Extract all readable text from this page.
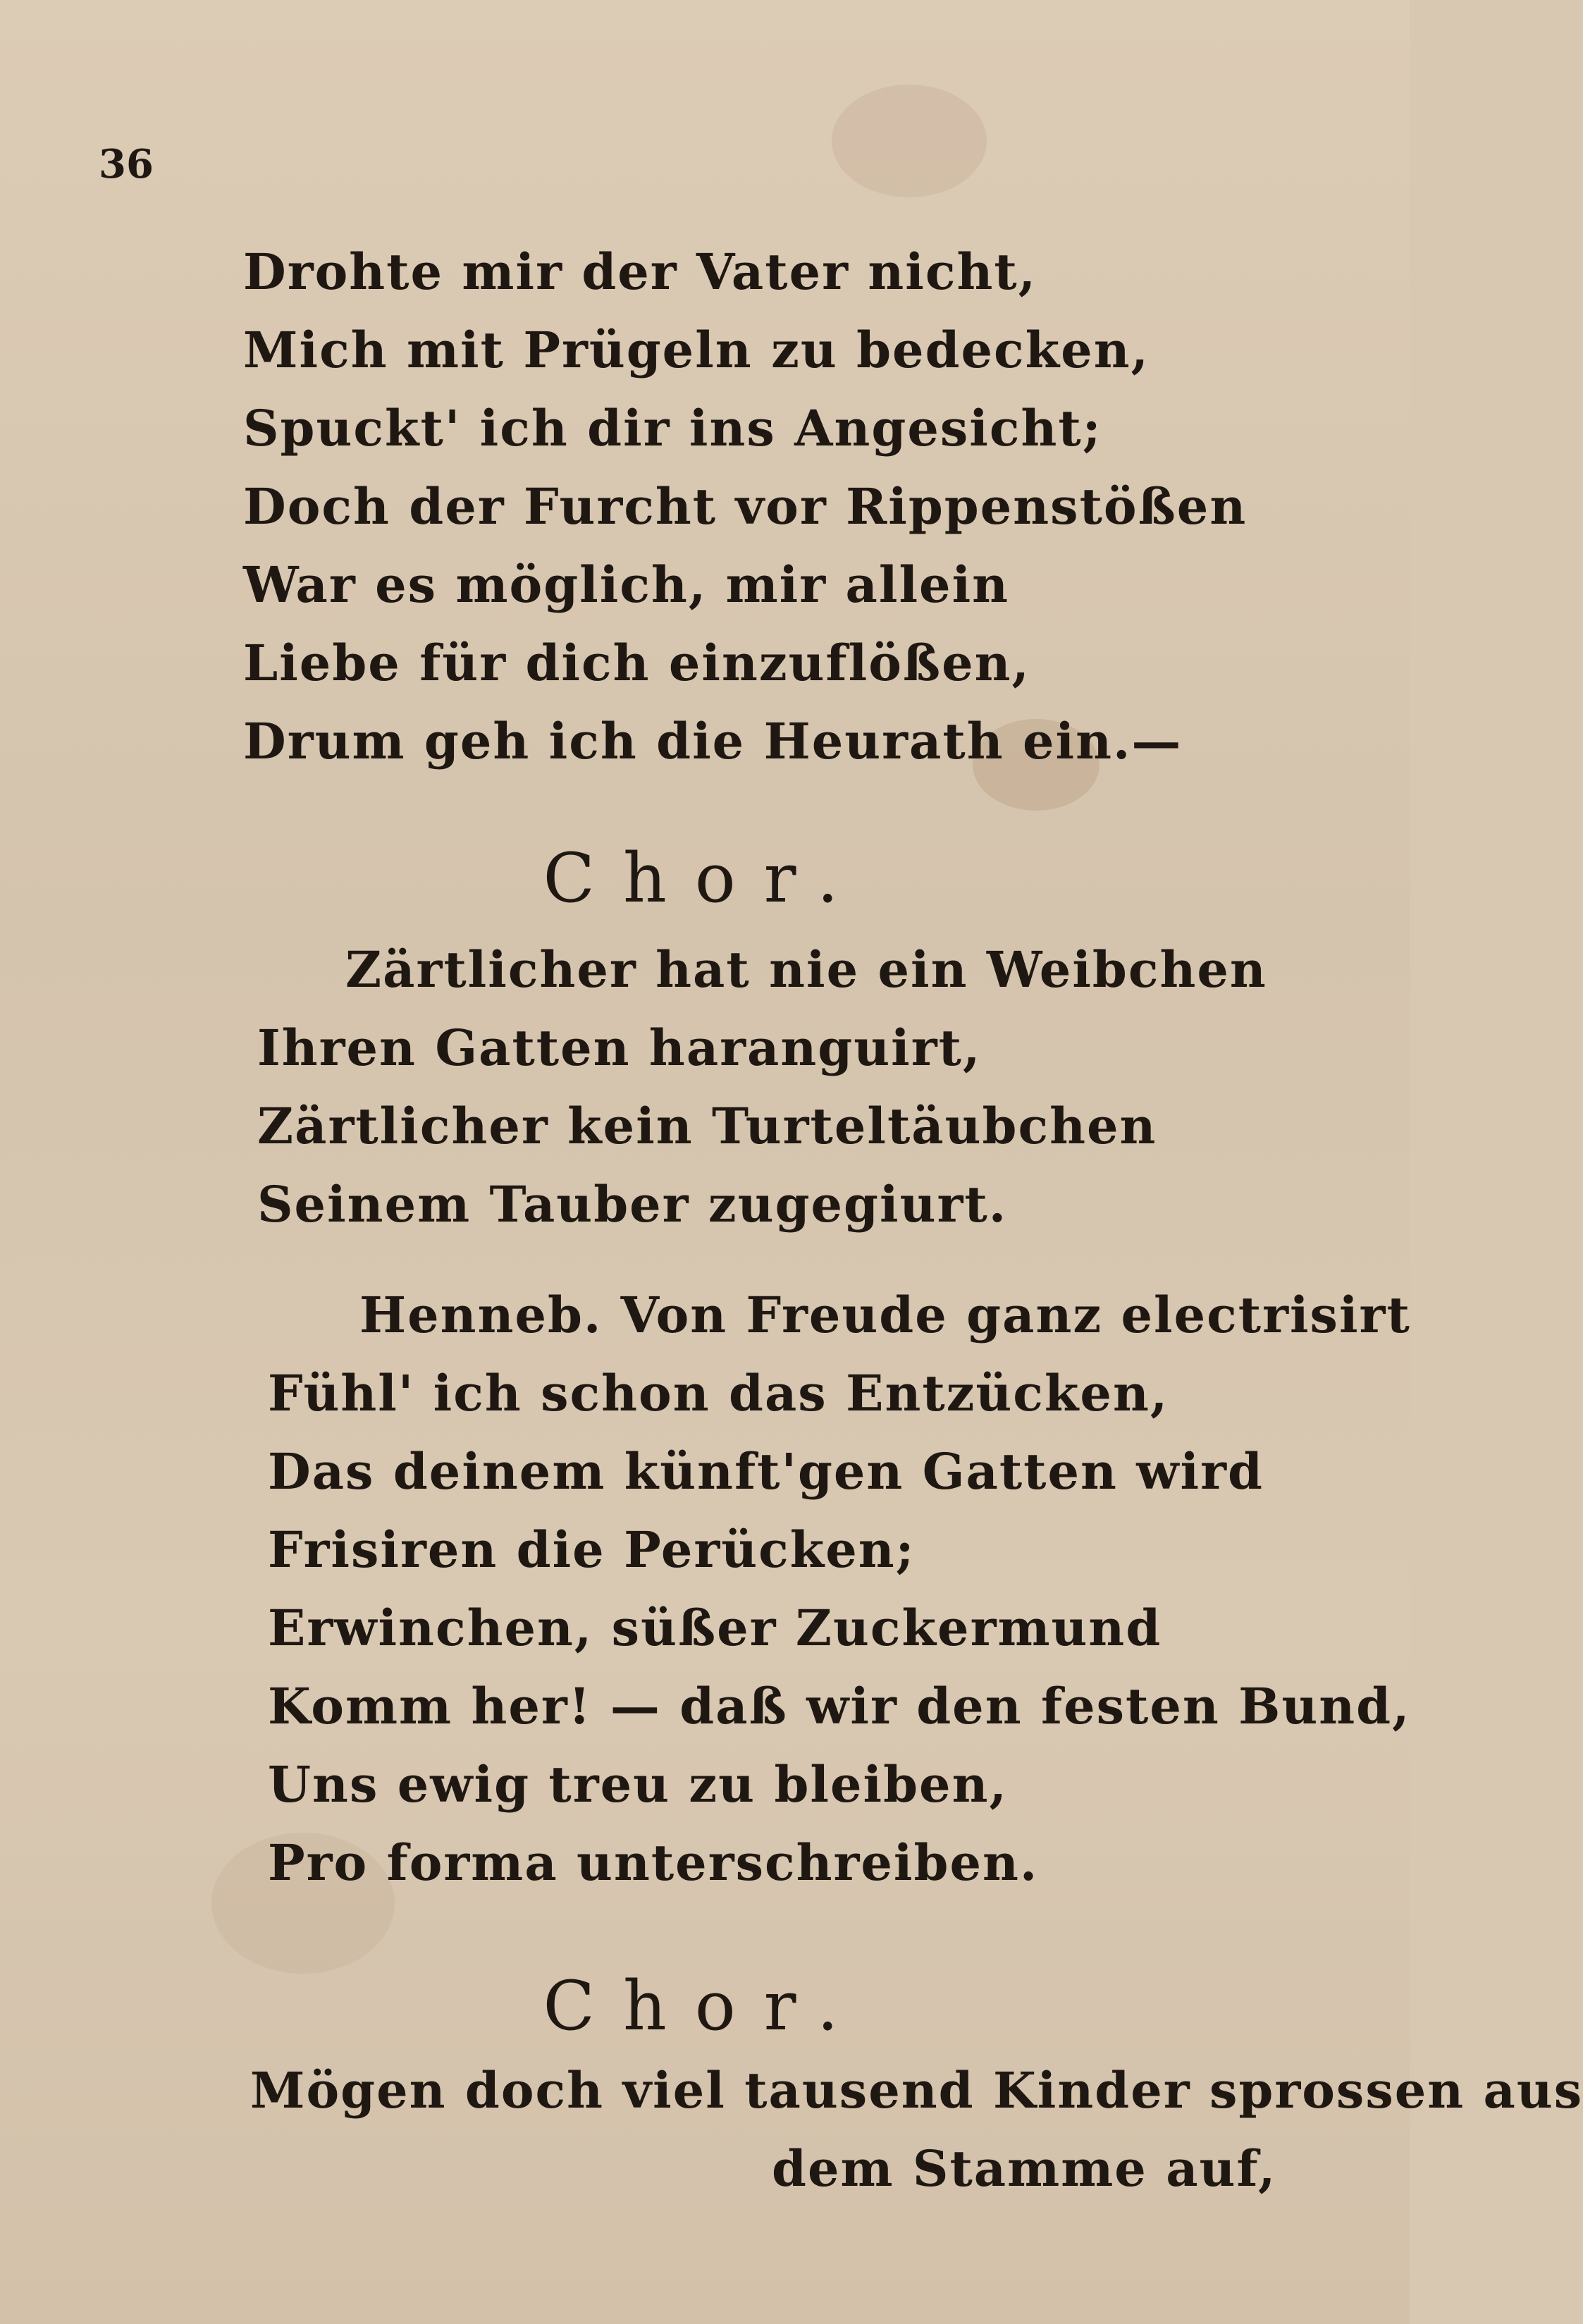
36
Drohte mir der Vater nicht,
Mich mit Prügeln zu bedecken,
Spuckt' ich dir ins Angesicht;
Doch der Furcht vor Rippenstößen
War es möglich, mir allein
Liebe für dich einzuflößen,
Drum geh ich die Heurath ein.—
Chor.
Zärtlicher hat nie ein Weibchen
Ihren Gatten haranguirt,
Zärtlicher kein Turteltäubchen
Seinem Tauber zugegiurt.
Henneb. Von Freude ganz electrisirt
Fühl' ich schon das Entzücken,
Das deinem künft'gen Gatten wird
Frisiren die Perücken;
Erwinchen, süßer Zuckermund
Komm her! — daß wir den festen Bund,
Uns ewig treu zu bleiben,
Pro forma unterschreiben.
Chor.
Mögen doch viel tausend Kinder sprossen aus
dem Stamme auf,
